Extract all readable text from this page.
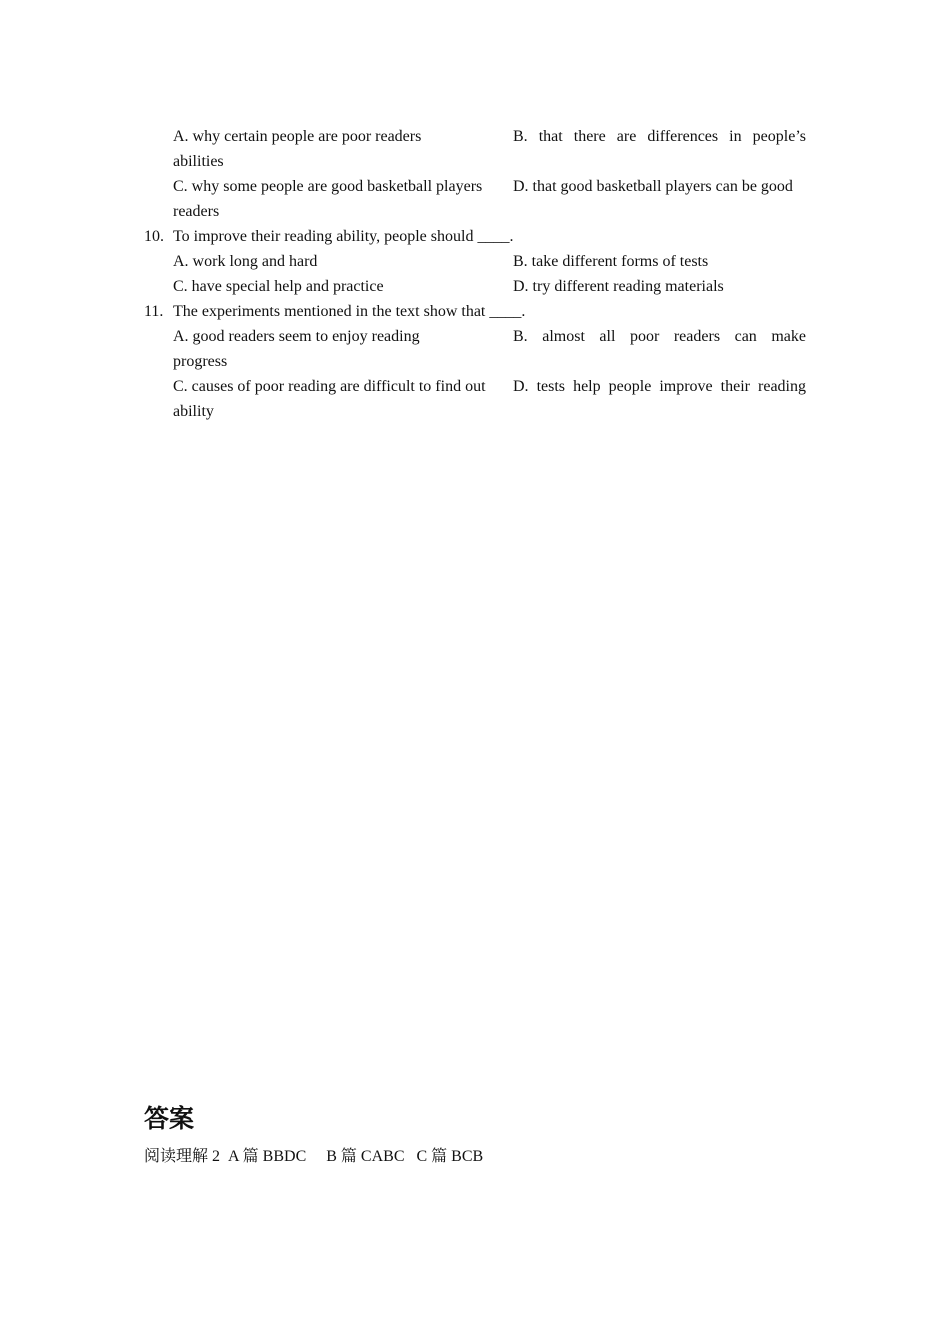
A. why certain people are poor readers	B. that there are differences in people’s
abilities
C. why some people are good basketball players D. that good basketball players can be good
readers
10. To improve their reading ability, people should ____.
A. work long and hard	B. take different forms of tests
C. have special help and practice	D. try different reading materials
11. The experiments mentioned in the text show that ____.
A. good readers seem to enjoy reading	B. almost all poor readers can make
progress
C. causes of poor reading are difficult to find out D. tests help people improve their reading
ability
答案
阅读理解 2  A 篇 BBDC     B 篇 CABC   C 篇 BCB
